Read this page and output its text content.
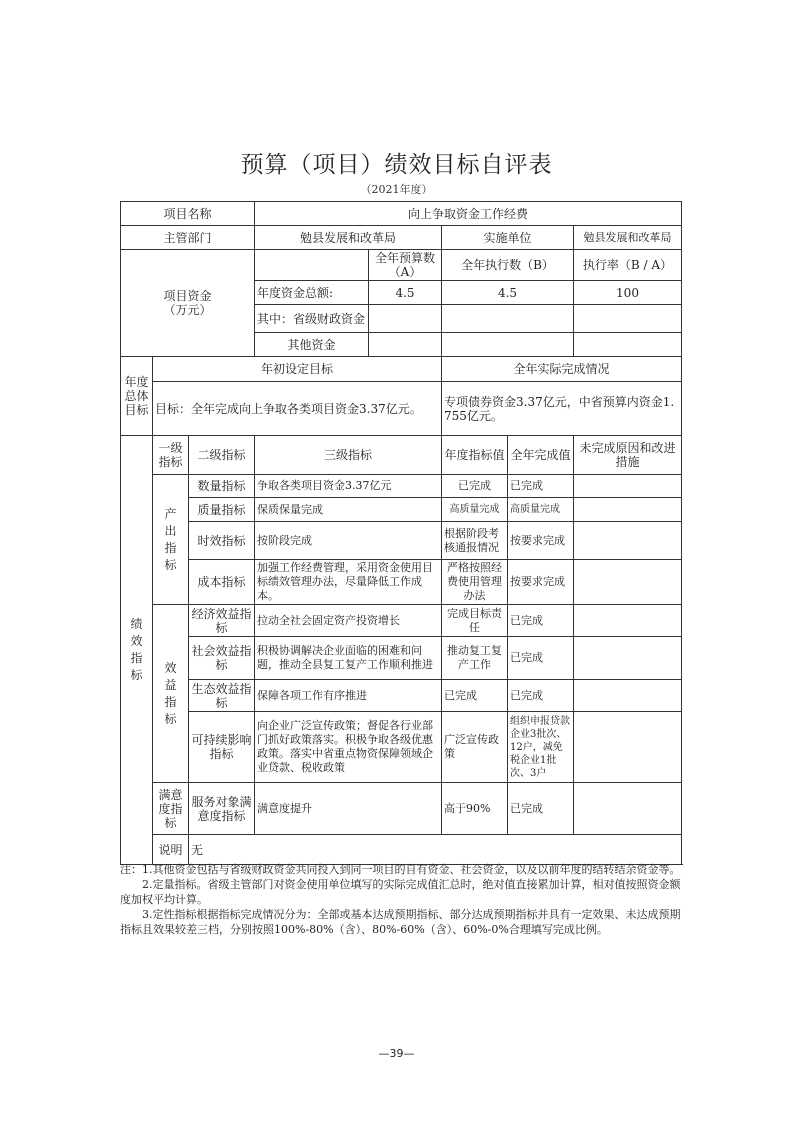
预算（项目）绩效目标自评表
（2021年度）
项目名称			向上争取资金工作经费				
主管部门			勉县发展和改革局		实施单位		勉县发展和改革局

项目资金
（万元）				全年预算数（A）	全年执行数（B）		执行率（B / A）
			年度资金总额:	4.5	4.5		100
			其中：省级财政资金				
			其他资金				
年度总体目标	年初设定目标				全年实际完成情况		
	目标：全年完成向上争取各类项目资金3.37亿元。				专项债券资金3.37亿元，中省预算内资金1.755亿元。		
绩效指标	一级指标	二级指标	三级指标		年度指标值	全年完成值	未完成原因和改进措施
	产出指标	数量指标	争取各类项目资金3.37亿元		已完成	已完成	
		质量指标	保质保量完成		高质量完成	高质量完成	
		时效指标	按阶段完成		根据阶段考核通报情况	按要求完成	
		成本指标	加强工作经费管理，采用资金使用目标绩效管理办法，尽量降低工作成本。		严格按照经费使用管理办法	按要求完成	
	效益指标	经济效益指标	拉动全社会固定资产投资增长		完成目标责任	已完成	
		社会效益指标	积极协调解决企业面临的困难和问题，推动全县复工复产工作顺利推进		推动复工复产工作	已完成	
		生态效益指标	保障各项工作有序推进		已完成	已完成	
		可持续影响指标	向企业广泛宣传政策；督促各行业部门抓好政策落实。积极争取各级优惠政策。落实中省重点物资保障领域企业贷款、税收政策		广泛宣传政策	组织申报贷款企业3批次、12户，减免税企业1批次、3户	
	满意度指标	服务对象满意度指标	满意度提升		高于90%	已完成	
	说明	无					

注：1.其他资金包括与省级财政资金共同投入到同一项目的自有资金、社会资金，以及以前年度的结转结余资金等。

2.定量指标。省级主管部门对资金使用单位填写的实际完成值汇总时，绝对值直接累加计算，相对值按照资金额度加权平均计算。

3.定性指标根据指标完成情况分为：全部或基本达成预期指标、部分达成预期指标并具有一定效果、未达成预期指标且效果较差三档，分别按照100%-80%（含）、80%-60%（含）、60%-0%合理填写完成比例。

—39—
